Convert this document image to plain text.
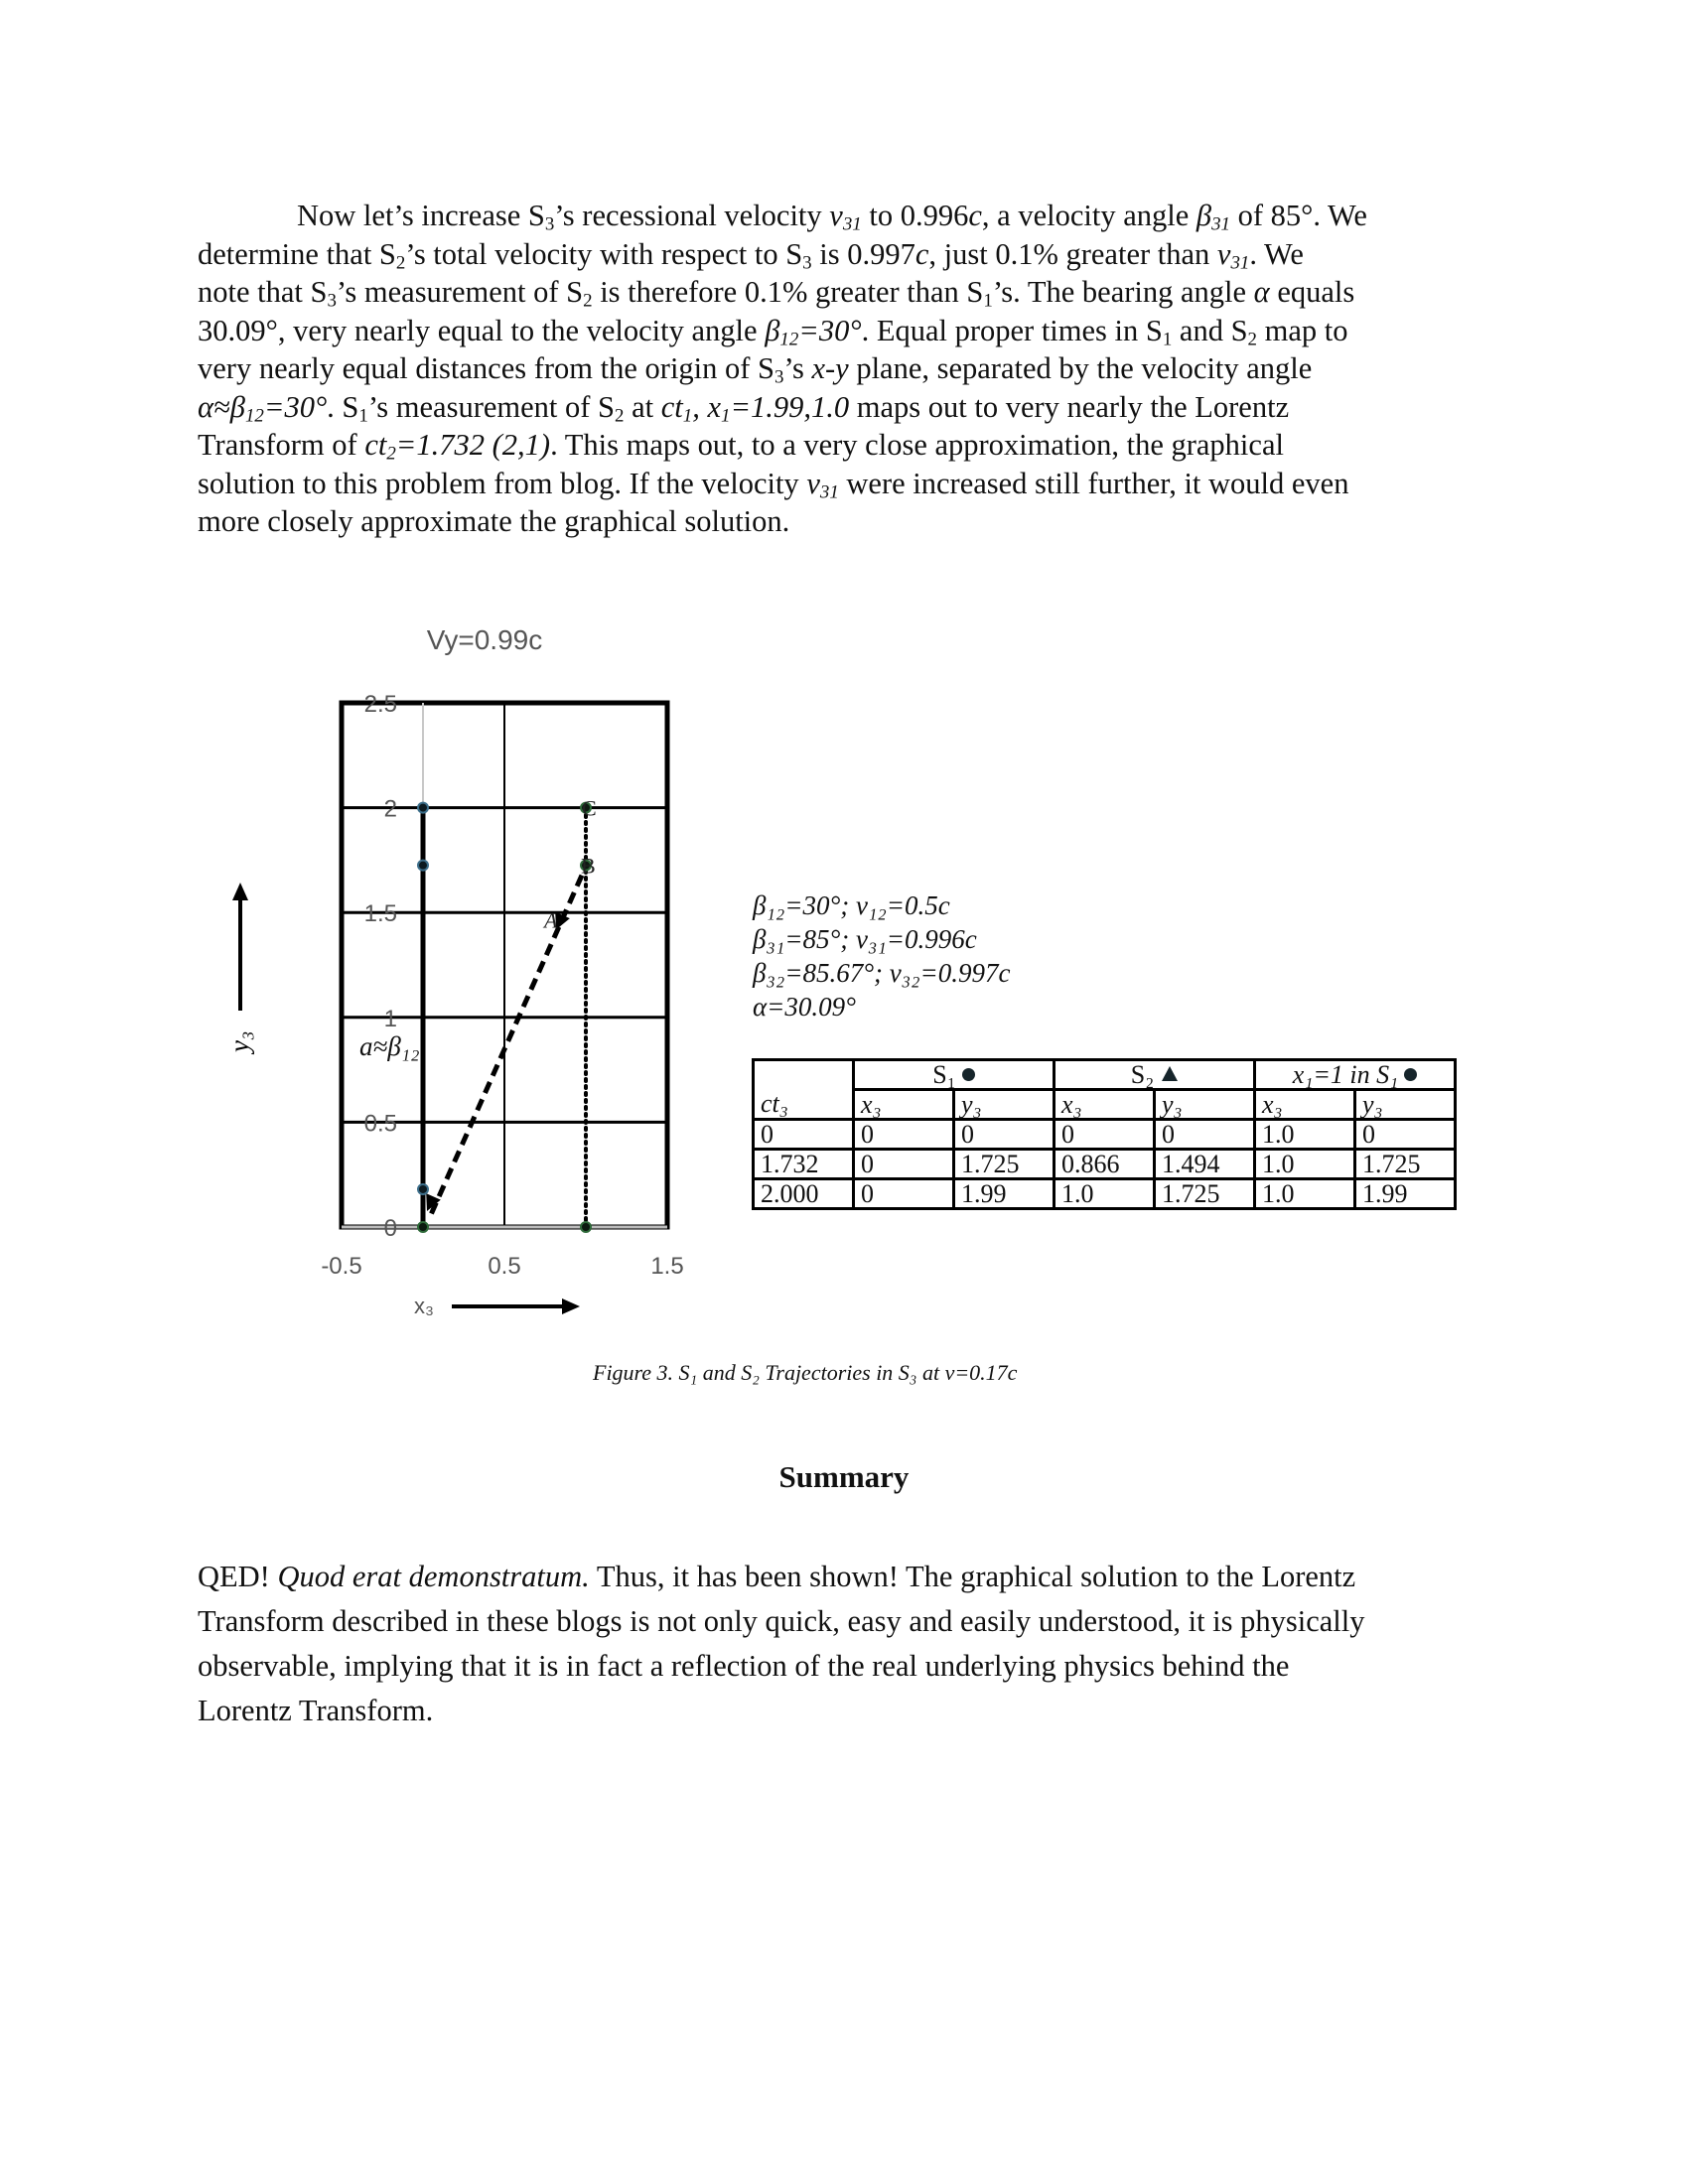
Now let’s increase $S_3’s$ recessional velocity $v_{31}$ to 0.996c, a velocity angle $\beta_{31}$ of 85°. We
determine that $S_2’s$ total velocity with respect to $S_3$ is 0.997c, just 0.1% greater than $v_{31}$. We
note that $S_3’s$ measurement of $S_2$ is therefore 0.1% greater than $S_1’s$. The bearing angle α equals
30.09°, very nearly equal to the velocity angle $\beta_{12}=30^\circ$. Equal proper times in $S_1$ and $S_2$ map to
very nearly equal distances from the origin of $S_3’s$ x-y plane, separated by the velocity angle
$\alpha\approx\beta_{12}=30^\circ$. $S_1’s$ measurement of $S_2$ at $ct_1$, $x_1=1.99,1.0$ maps out to very nearly the Lorentz
Transform of $ct_2=1.732$ (2,1). This maps out, to a very close approximation, the graphical
solution to this problem from blog. If the velocity $v_{31}$ were increased still further, it would even
more closely approximate the graphical solution.
0
0.5
1
1.5
2
2.5
-0.5	0.5	1.5
A
B
C
a≈β₁₂
Vy=0.99c
y₃
x₃
β₁₂=30°; v₁₂=0.5c
β₃₁=85°; v₃₁=0.996c
β₃₂=85.67°; v₃₂=0.997c
α=30.09°
	S₁		S₂		x₁=1 in S₁	
ct₃	x₃	y₃	x₃	y₃	x₃	y₃
0	0	0	0	0	1.0	0
1.732	0	1.725	0.866	1.494	1.0	1.725
2.000	0	1.99	1.0	1.725	1.0	1.99
Figure 3. S₁ and S₂ Trajectories in S₃ at v=0.17c
Summary
QED! Quod erat demonstratum. Thus, it has been shown! The graphical solution to the Lorentz
Transform described in these blogs is not only quick, easy and easily understood, it is physically
observable, implying that it is in fact a reflection of the real underlying physics behind the
Lorentz Transform.
